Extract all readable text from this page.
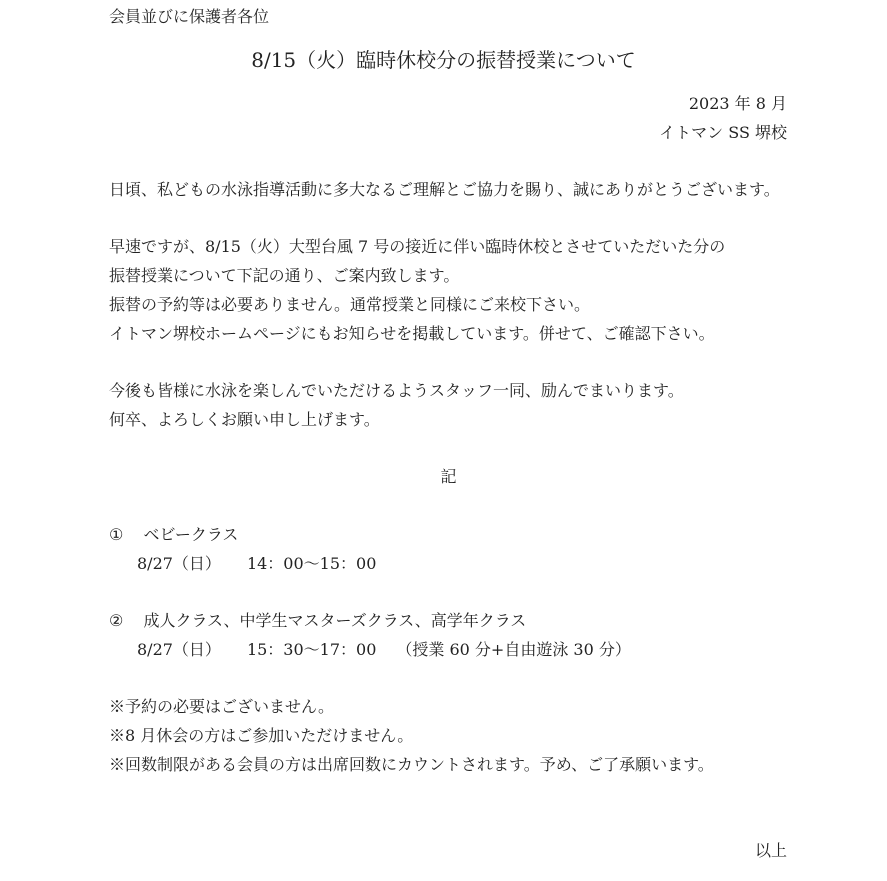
会員並びに保護者各位
8/15（火）臨時休校分の振替授業について
2023 年 8 月
イトマン SS 堺校
日頃、私どもの水泳指導活動に多大なるご理解とご協力を賜り、誠にありがとうございます。
早速ですが、8/15（火）大型台風 7 号の接近に伴い臨時休校とさせていただいた分の
振替授業について下記の通り、ご案内致します。
振替の予約等は必要ありません。通常授業と同様にご来校下さい。
イトマン堺校ホームページにもお知らせを掲載しています。併せて、ご確認下さい。
今後も皆様に水泳を楽しんでいただけるようスタッフ一同、励んでまいります。
何卒、よろしくお願い申し上げます。
記
① ベビークラス
8/27（日） 14：00～15：00
② 成人クラス、中学生マスターズクラス、高学年クラス
8/27（日） 15：30～17：00 （授業 60 分+自由遊泳 30 分）
※予約の必要はございません。
※8 月休会の方はご参加いただけません。
※回数制限がある会員の方は出席回数にカウントされます。予め、ご了承願います。
以上
